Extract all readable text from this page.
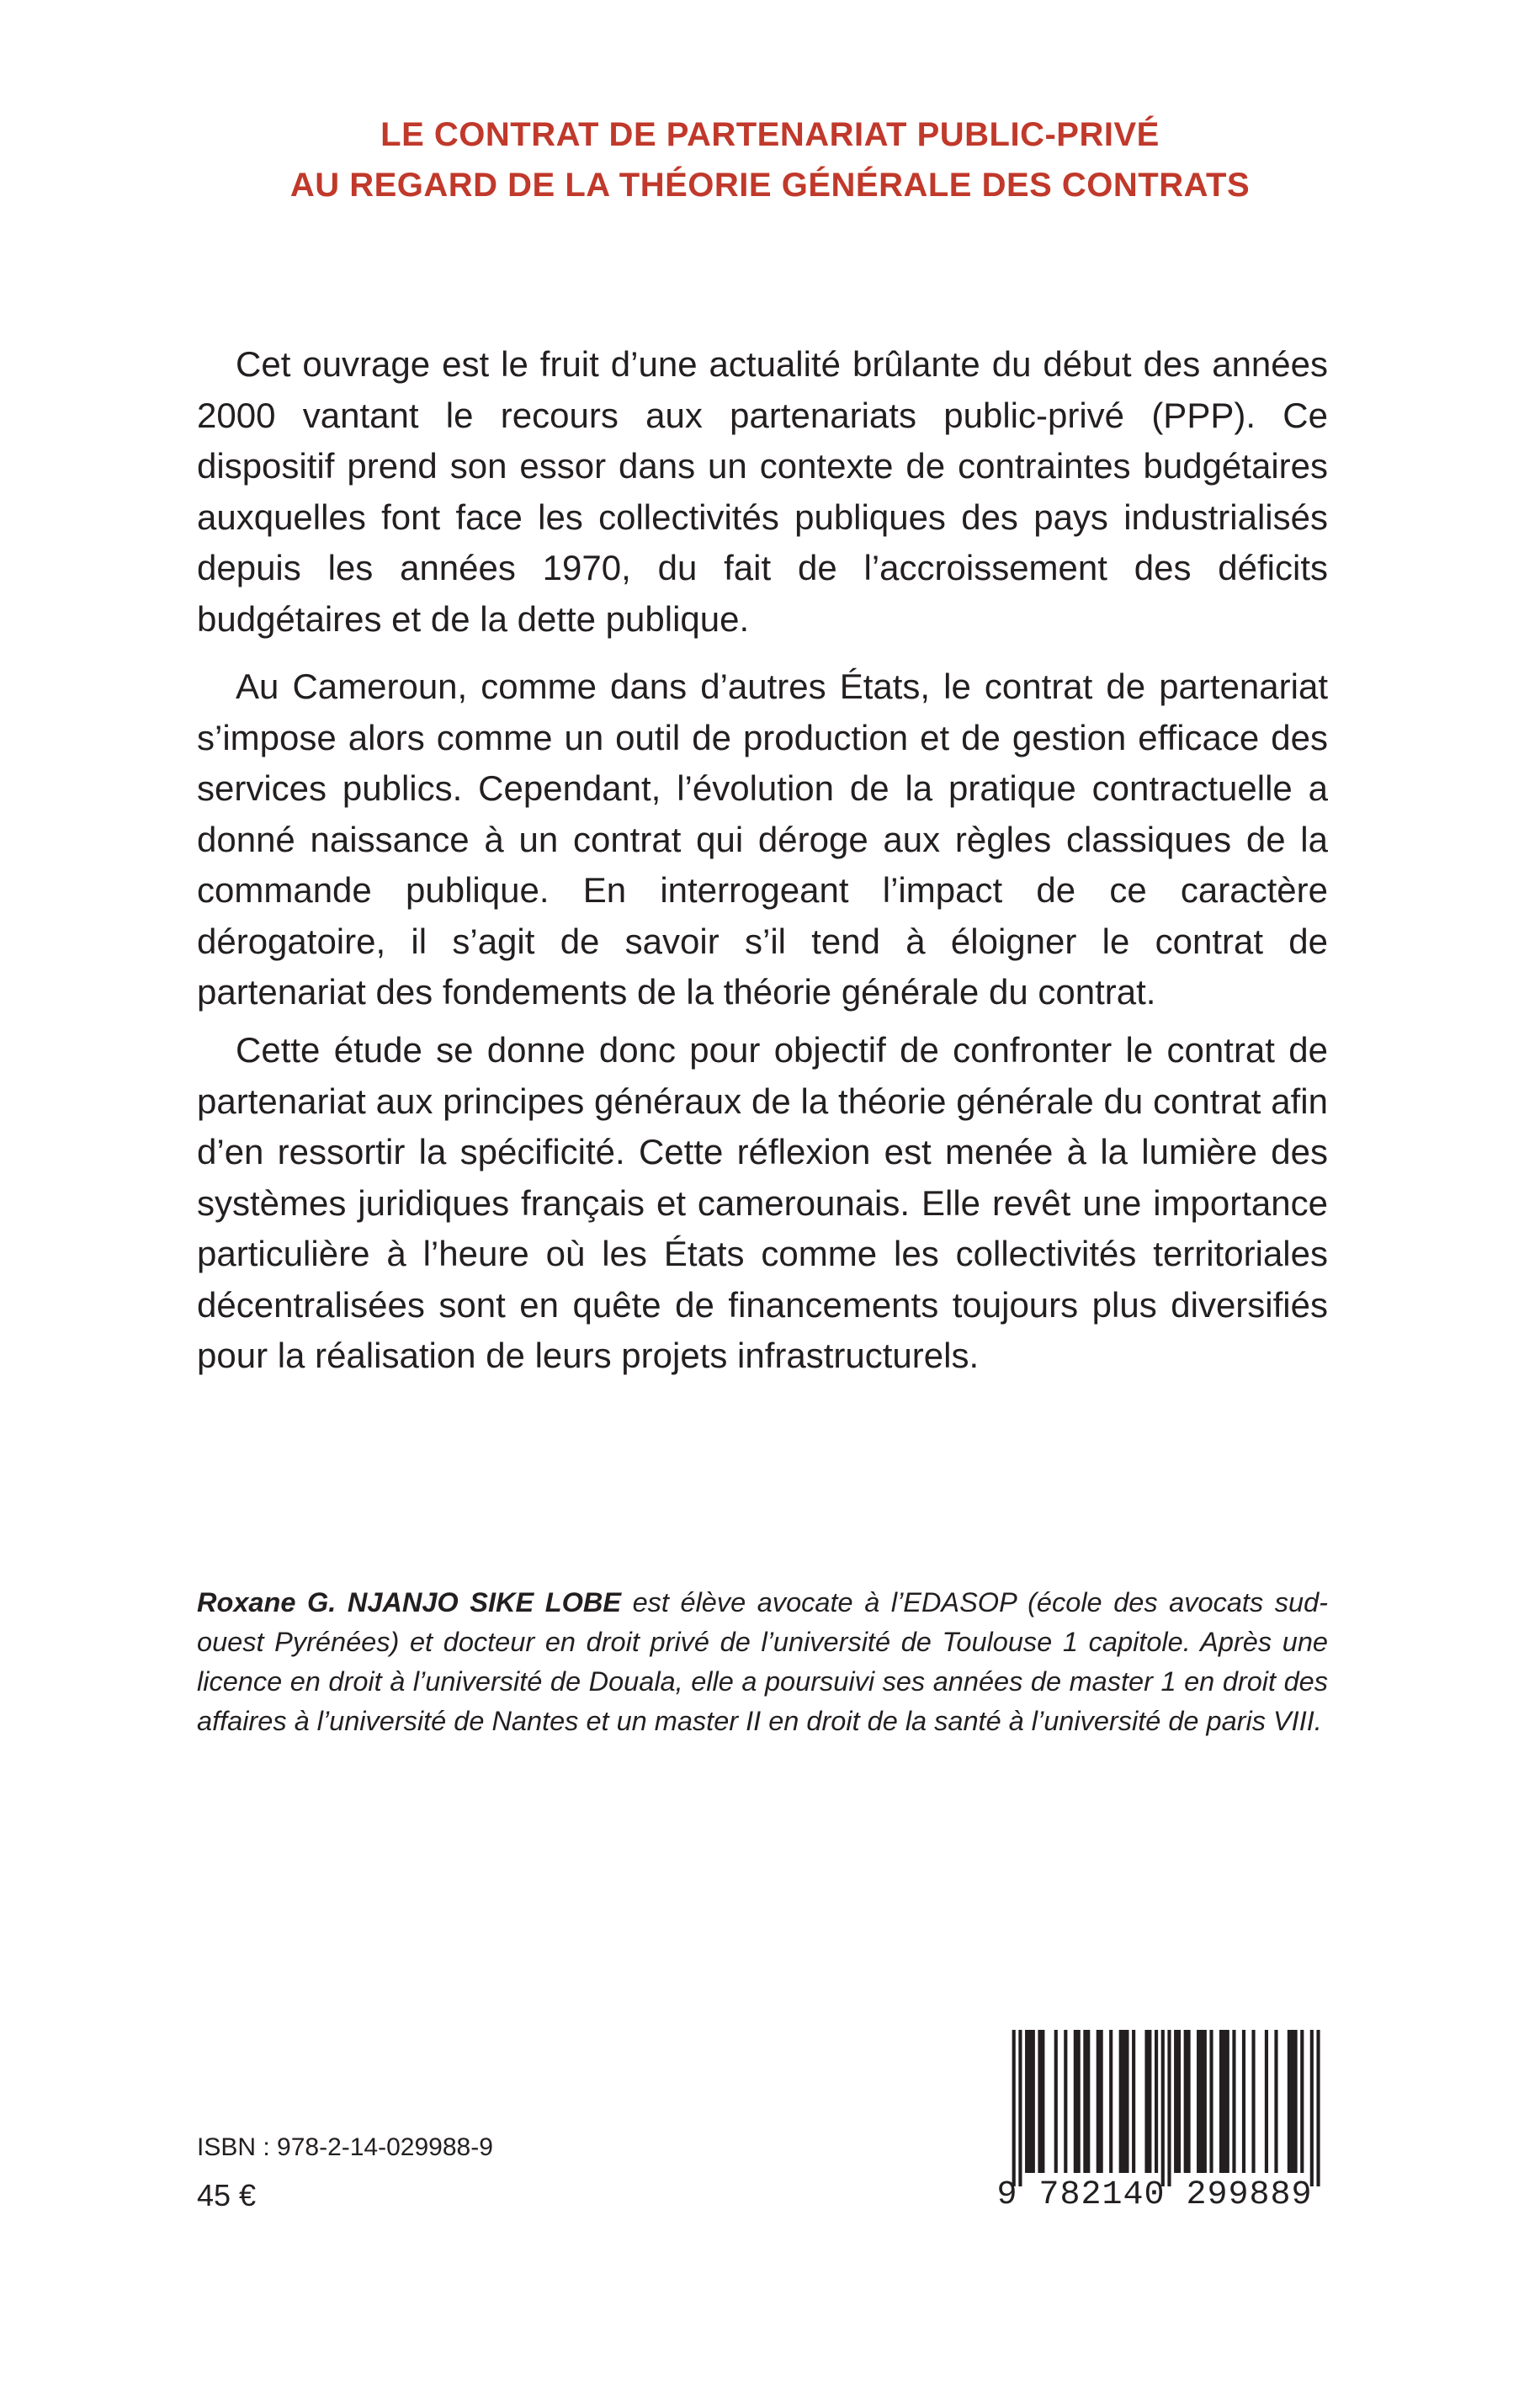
LE CONTRAT DE PARTENARIAT PUBLIC-PRIVÉ
AU REGARD DE LA THÉORIE GÉNÉRALE DES CONTRATS
Cet ouvrage est le fruit d’une actualité brûlante du début des années 2000 vantant le recours aux partenariats public-privé (PPP). Ce dispositif prend son essor dans un contexte de contraintes budgétaires auxquelles font face les collectivités publiques des pays industrialisés depuis les années 1970, du fait de l’accroissement des déficits budgétaires et de la dette publique.
Au Cameroun, comme dans d’autres États, le contrat de partenariat s’impose alors comme un outil de production et de gestion efficace des services publics. Cependant, l’évolution de la pratique contractuelle a donné naissance à un contrat qui déroge aux règles classiques de la commande publique. En interrogeant l’impact de ce caractère dérogatoire, il s’agit de savoir s’il tend à éloigner le contrat de partenariat des fondements de la théorie générale du contrat.
Cette étude se donne donc pour objectif de confronter le contrat de partenariat aux principes généraux de la théorie générale du contrat afin d’en ressortir la spécificité. Cette réflexion est menée à la lumière des systèmes juridiques français et camerounais. Elle revêt une importance particulière à l’heure où les États comme les collectivités territoriales décentralisées sont en quête de financements toujours plus diversifiés pour la réalisation de leurs projets infrastructurels.
Roxane G. NJANJO SIKE LOBE est élève avocate à l’EDASOP (école des avocats sud-ouest Pyrénées) et docteur en droit privé de l’université de Toulouse 1 capitole. Après une licence en droit à l’université de Douala, elle a poursuivi ses années de master 1 en droit des affaires à l’université de Nantes et un master II en droit de la santé à l’université de paris VIII.
ISBN : 978-2-14-029988-9
45 €	9 782140 299889
